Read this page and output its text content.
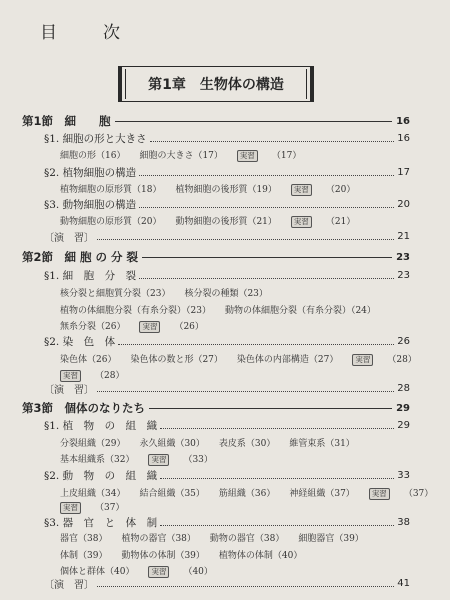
目	次
第1章　生物体の構造
第1節　細　　胞	16
§1. 細胞の形と大きさ	16
細胞の形（16） 細胞の大きさ（17） 実習 （17）
§2. 植物細胞の構造	17
植物細胞の原形質（18） 植物細胞の後形質（19） 実習 （20）
§3. 動物細胞の構造	20
動物細胞の原形質（20） 動物細胞の後形質（21） 実習 （21）
〔演　習〕	21
第2節　細 胞 の 分 裂	23
§1. 細　胞　分　裂	23
核分裂と細胞質分裂（23） 核分裂の種類（23）
植物の体細胞分裂（有糸分裂）（23） 動物の体細胞分裂（有糸分裂）（24）
無糸分裂（26） 実習 （26）
§2. 染　色　体	26
染色体（26） 染色体の数と形（27） 染色体の内部構造（27） 実習 （28）
実習 （28）
〔演　習〕	28
第3節　個体のなりたち	29
§1. 植　物　の　組　織	29
分裂組織（29） 永久組織（30） 表皮系（30） 維管束系（31）
基本組織系（32） 実習 （33）
§2. 動　物　の　組　織	33
上皮組織（34） 結合組織（35） 筋組織（36） 神経組織（37） 実習 （37）
実習 （37）
§3. 器　官　と　体　制	38
器官（38） 植物の器官（38） 動物の器官（38） 細胞器官（39）
体制（39） 動物体の体制（39） 植物体の体制（40）
個体と群体（40） 実習 （40）
〔演　習〕	41
